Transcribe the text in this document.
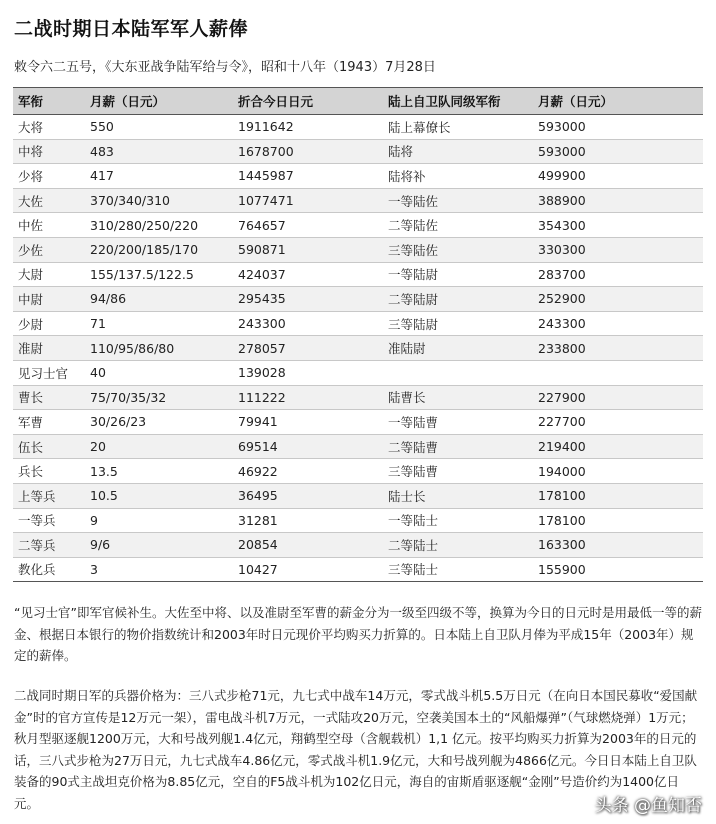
二战时期日本陆军军人薪俸
敕令六二五号，《大东亚战争陆军给与令》，昭和十八年（1943）7月28日
军衔	月薪（日元）	折合今日日元	陆上自卫队同级军衔	月薪（日元）
大将	550	1911642	陆上幕僚长	593000
中将	483	1678700	陆将	593000
少将	417	1445987	陆将补	499900
大佐	370/340/310	1077471	一等陆佐	388900
中佐	310/280/250/220	764657	二等陆佐	354300
少佐	220/200/185/170	590871	三等陆佐	330300
大尉	155/137.5/122.5	424037	一等陆尉	283700
中尉	94/86	295435	二等陆尉	252900
少尉	71	243300	三等陆尉	243300
准尉	110/95/86/80	278057	准陆尉	233800
见习士官	40	139028		
曹长	75/70/35/32	111222	陆曹长	227900
军曹	30/26/23	79941	一等陆曹	227700
伍长	20	69514	二等陆曹	219400
兵长	13.5	46922	三等陆曹	194000
上等兵	10.5	36495	陆士长	178100
一等兵	9	31281	一等陆士	178100
二等兵	9/6	20854	二等陆士	163300
教化兵	3	10427	三等陆士	155900
“见习士官”即军官候补生。大佐至中将、以及准尉至军曹的薪金分为一级至四级不等，换算为今日的日元时是用最低一等的薪金、根据日本银行的物价指数统计和2003年时日元现价平均购买力折算的。日本陆上自卫队月俸为平成15年（2003年）规定的薪俸。
二战同时期日军的兵器价格为：三八式步枪71元，九七式中战车14万元，零式战斗机5.5万日元（在向日本国民募收“爱国献金”时的官方宣传是12万元一架），雷电战斗机7万元，一式陆攻20万元，空袭美国本土的“风船爆弹”（气球燃烧弹）1万元；秋月型驱逐舰1200万元，大和号战列舰1.4亿元，翔鹤型空母（含舰载机）1,1 亿元。按平均购买力折算为2003年的日元的话，三八式步枪为27万日元，九七式战车4.86亿元，零式战斗机1.9亿元，大和号战列舰为4866亿元。今日日本陆上自卫队装备的90式主战坦克价格为8.85亿元，空自的F5战斗机为102亿日元，海自的宙斯盾驱逐舰“金刚”号造价约为1400亿日元。	头条 @鱼知否
